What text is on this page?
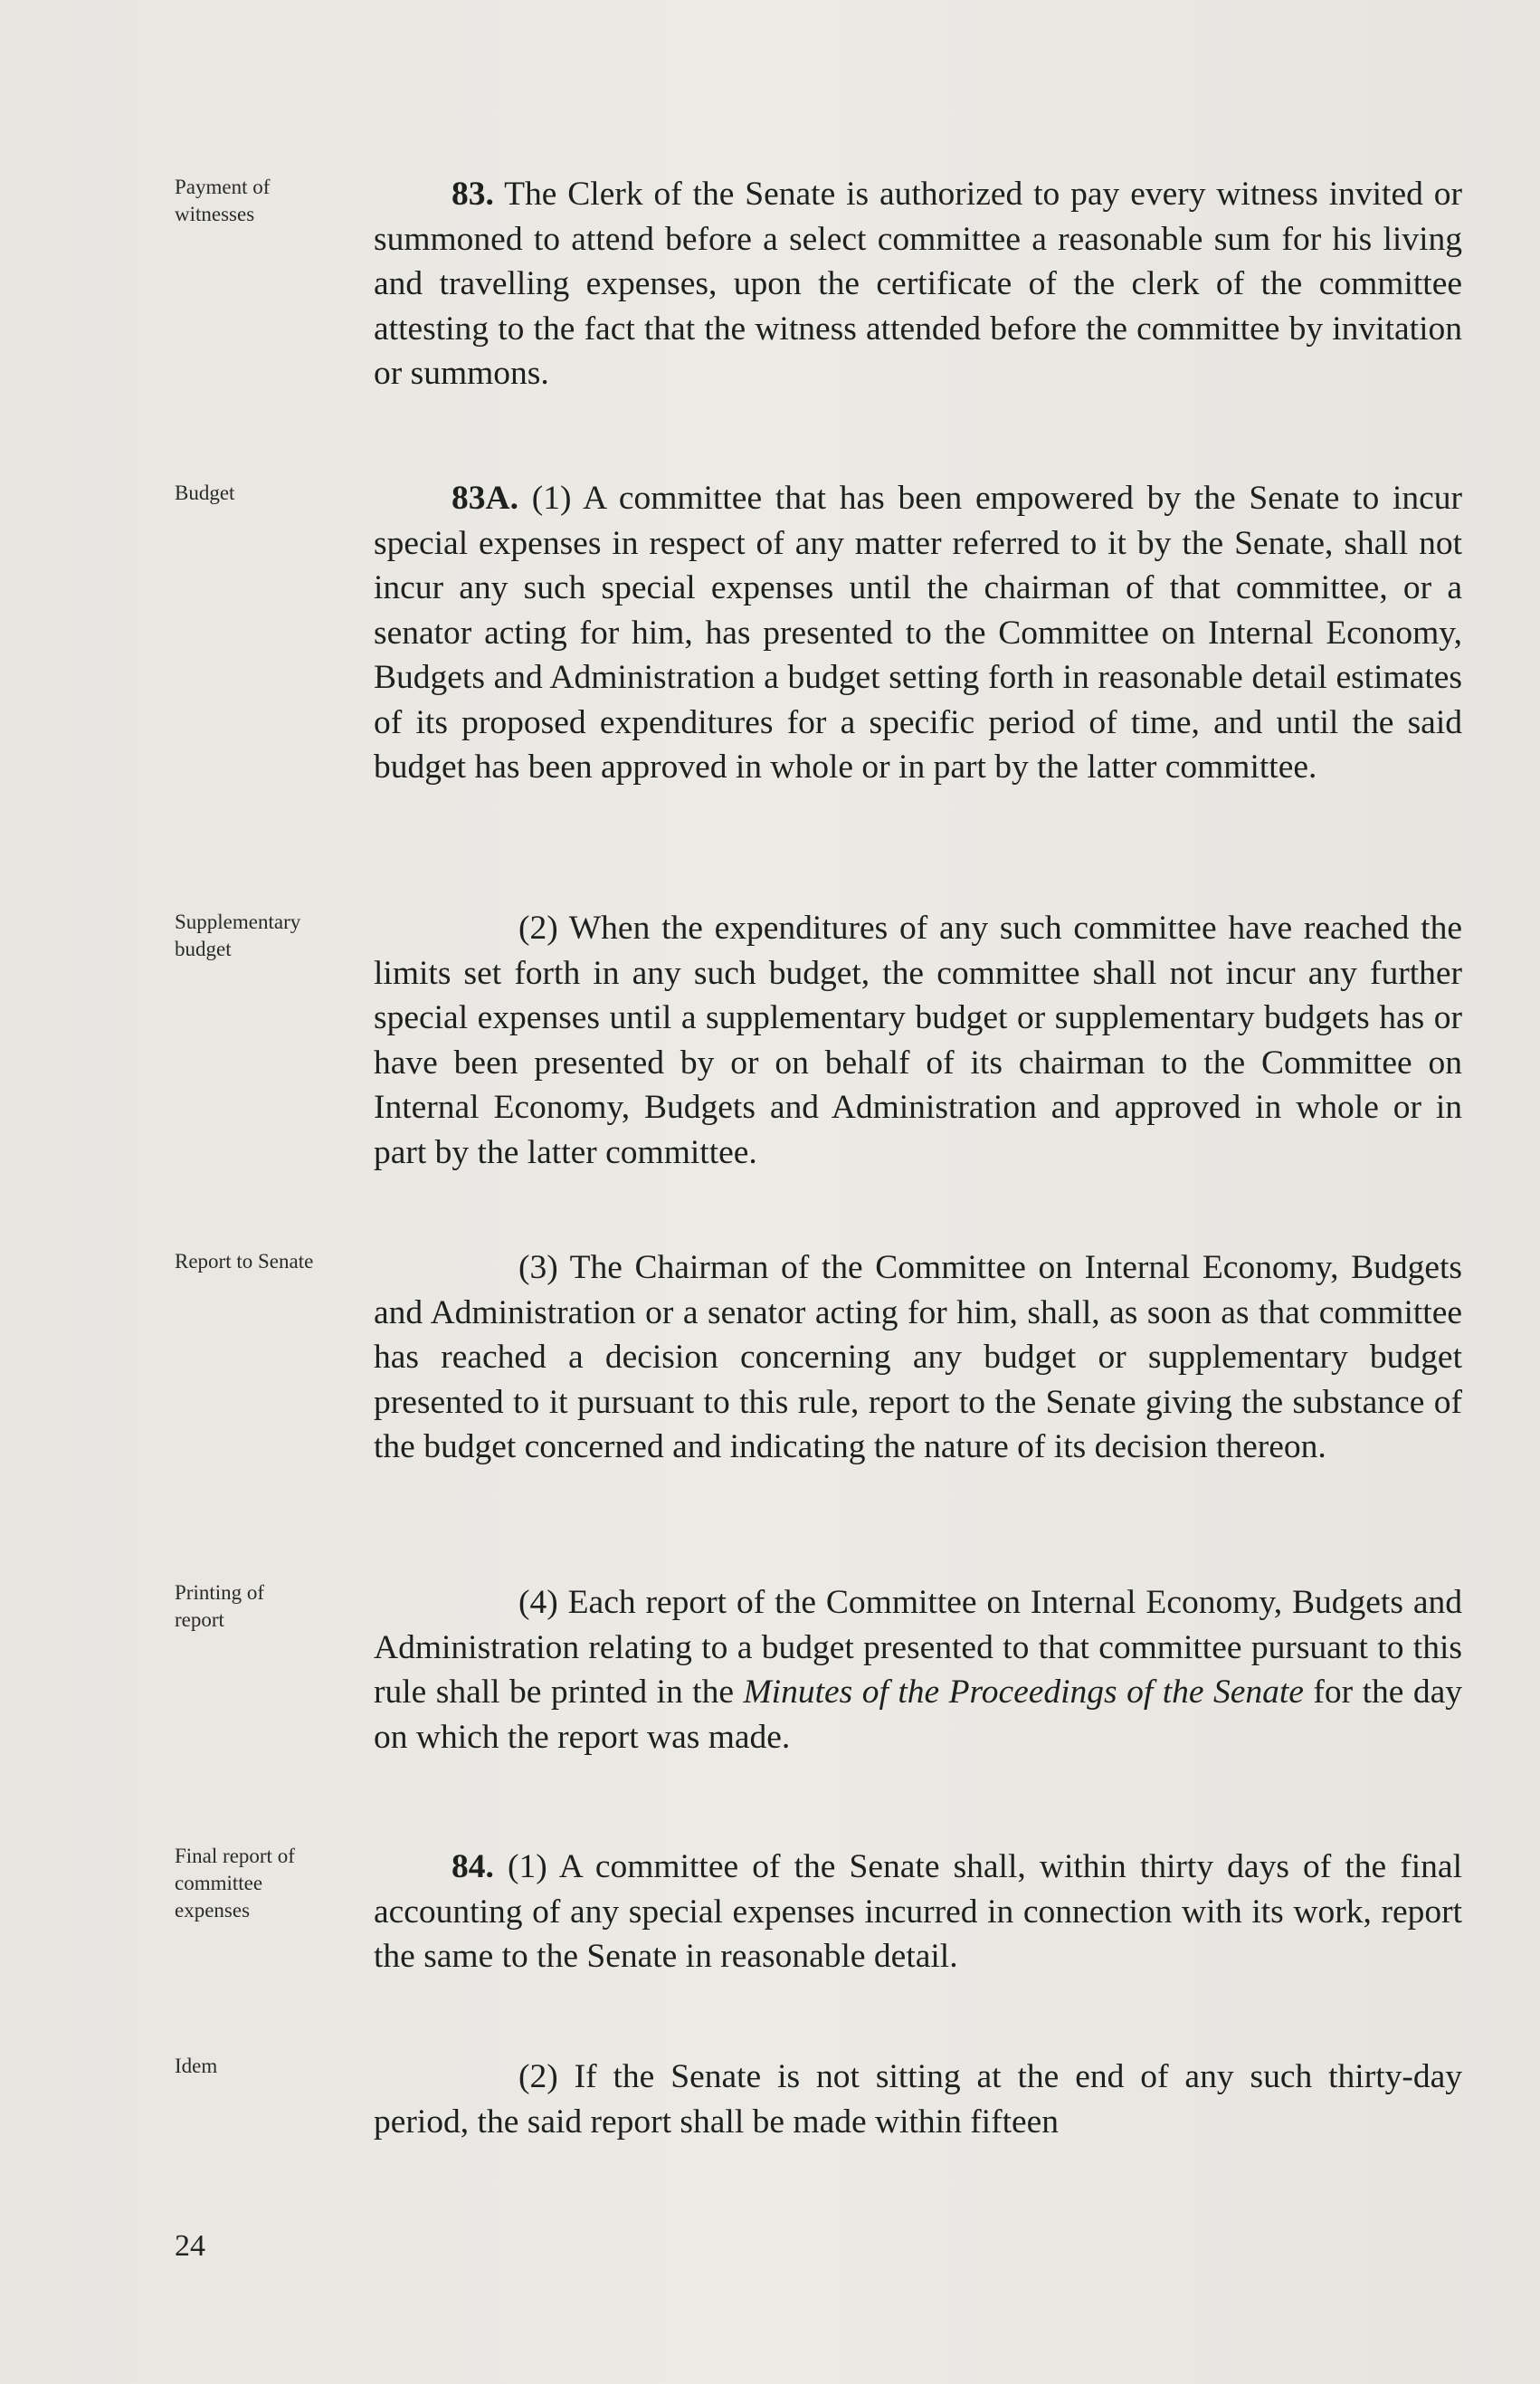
Payment of
witnesses
Budget
Supplementary
budget
Report to Senate
Printing of
report
Final report of
committee
expenses
Idem

83. The Clerk of the Senate is authorized to pay every witness invited or summoned to attend before a select committee a reasonable sum for his living and travelling expenses, upon the certificate of the clerk of the committee attesting to the fact that the witness attended before the committee by invitation or summons.

83A. (1) A committee that has been empowered by the Senate to incur special expenses in respect of any matter referred to it by the Senate, shall not incur any such special expenses until the chairman of that committee, or a senator acting for him, has presented to the Committee on Internal Economy, Budgets and Administration a budget setting forth in reasonable detail estimates of its proposed expenditures for a specific period of time, and until the said budget has been approved in whole or in part by the latter committee.

(2) When the expenditures of any such committee have reached the limits set forth in any such budget, the committee shall not incur any further special expenses until a supplementary budget or supplementary budgets has or have been presented by or on behalf of its chairman to the Committee on Internal Economy, Budgets and Administration and approved in whole or in part by the latter committee.

(3) The Chairman of the Committee on Internal Economy, Budgets and Administration or a senator acting for him, shall, as soon as that committee has reached a decision concerning any budget or supplementary budget presented to it pursuant to this rule, report to the Senate giving the substance of the budget concerned and indicating the nature of its decision thereon.

(4) Each report of the Committee on Internal Economy, Budgets and Administration relating to a budget presented to that committee pursuant to this rule shall be printed in the Minutes of the Proceedings of the Senate for the day on which the report was made.

84. (1) A committee of the Senate shall, within thirty days of the final accounting of any special expenses incurred in connection with its work, report the same to the Senate in reasonable detail.

(2) If the Senate is not sitting at the end of any such thirty-day period, the said report shall be made within fifteen

24
